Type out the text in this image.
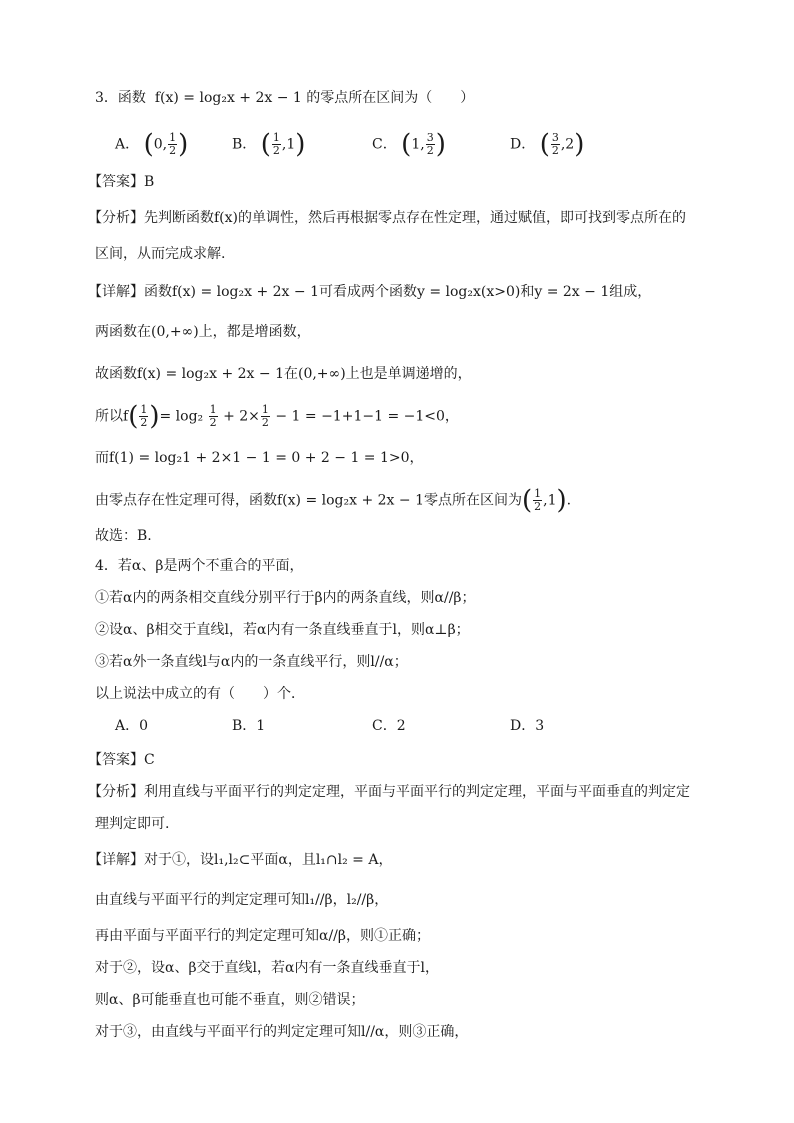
3．函数 f(x) = log₂x + 2x − 1 的零点所在区间为（　　）
A． (0, $\frac{1}{2}$ )	B． ( $\frac{1}{2} ,1$)	C． (1, $\frac{3}{2}$ )	D． ( $\frac{3}{2} ,2$)
【答案】B
【分析】先判断函数f(x)的单调性，然后再根据零点存在性定理，通过赋值，即可找到零点所在的
区间，从而完成求解.
【详解】函数f(x) = log₂x + 2x − 1可看成两个函数y = log₂x(x>0)和y = 2x − 1组成，
两函数在(0,+∞)上，都是增函数，
故函数f(x) = log₂x + 2x − 1在(0,+∞)上也是单调递增的，
所以$f( \frac{1}{2}$ )= $\log_2 \frac{1}{2} + 2\times \frac{1}{2} - 1 = -1+1-1 = -1<0$，
而f(1) = log₂1 + 2×1 − 1 = 0 + 2 − 1 = 1>0，
由零点存在性定理可得，函数f(x) = log₂x + 2x − 1零点所在区间为( $\frac{1}{2} ,1$).
故选：B.
4．若α、β是两个不重合的平面，
①若α内的两条相交直线分别平行于β内的两条直线，则α//β；
②设α、β相交于直线l，若α内有一条直线垂直于l，则α⊥β；
③若α外一条直线l与α内的一条直线平行，则l//α；
以上说法中成立的有（　　）个．
A．0	B．1	C．2	D．3
【答案】C
【分析】利用直线与平面平行的判定定理，平面与平面平行的判定定理，平面与平面垂直的判定定
理判定即可.
【详解】对于①，设l₁,l₂⊂平面α，且l₁∩l₂ = A，
由直线与平面平行的判定定理可知l₁//β，l₂//β，
再由平面与平面平行的判定定理可知α//β，则①正确；
对于②，设α、β交于直线l，若α内有一条直线垂直于l，
则α、β可能垂直也可能不垂直，则②错误；
对于③，由直线与平面平行的判定定理可知l//α，则③正确，
